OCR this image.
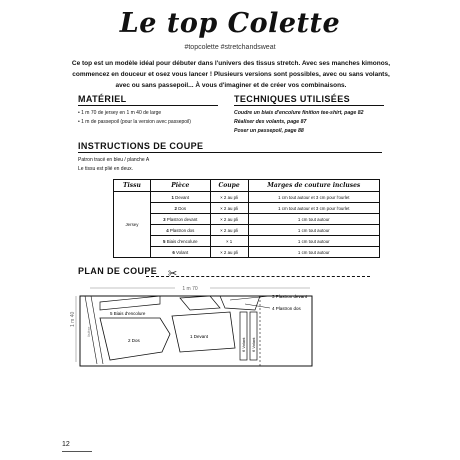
Le top Colette
#topcolette #stretchandsweat
Ce top est un modèle idéal pour débuter dans l'univers des tissus stretch. Avec ses manches kimonos, commencez en douceur et osez vous lancer ! Plusieurs versions sont possibles, avec ou sans volants, avec ou sans passepoil... À vous d'imaginer et de créer vos combinaisons.
MATÉRIEL
• 1 m 70 de jersey en 1 m 40 de large
• 1 m de passepoil (pour la version avec passepoil)
TECHNIQUES UTILISÉES
Coudre un biais d'encolure finition tee-shirt, page 82
Réaliser des volants, page 87
Poser un passepoil, page 88
INSTRUCTIONS DE COUPE
Patron tracé en bleu / planche A
Le tissu est plié en deux.
Tissu	Pièce	Coupe	Marges de couture incluses
Jersey	1 Devant	× 2 au pli	1 cm tout autour et 3 cm pour l'ourlet
	2 Dos	× 2 au pli	1 cm tout autour et 3 cm pour l'ourlet
	3 Plastron devant	× 2 au pli	1 cm tout autour
	4 Plastron dos	× 2 au pli	1 cm tout autour
	5 Biais d'encolure	× 1	1 cm tout autour
	6 Volant	× 2 au pli	1 cm tout autour
PLAN DE COUPE ✂
1 m 70
1 m 40
lisière
5 Biais d'encolure
2 Dos
1 Devant
6 Volant 6 Volant
3 Plastron devant
4 Plastron dos
12
